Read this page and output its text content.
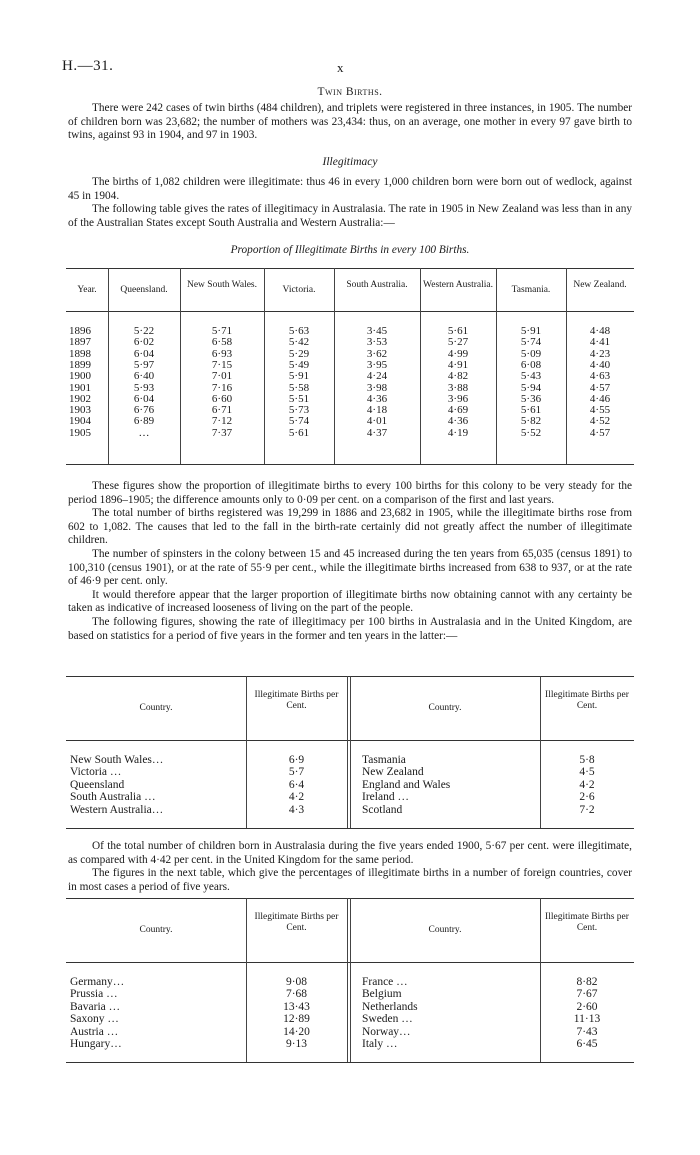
H.—31.	x
Twin Births.

There were 242 cases of twin births (484 children), and triplets were registered in three instances, in 1905. The number of children born was 23,682; the number of mothers was 23,434: thus, on an average, one mother in every 97 gave birth to twins, against 93 in 1904, and 97 in 1903.

Illegitimacy

The births of 1,082 children were illegitimate: thus 46 in every 1,000 children born were born out of wedlock, against 45 in 1904.

The following table gives the rates of illegitimacy in Australasia. The rate in 1905 in New Zealand was less than in any of the Australian States except South Australia and Western Australia:—

Proportion of Illegitimate Births in every 100 Births.
Year.	Queensland.	New South Wales.	Victoria.	South Australia.	Western Australia.	Tasmania.	New Zealand.
1896	5·22	5·71	5·63	3·45	5·61	5·91	4·48
1897	6·02	6·58	5·42	3·53	5·27	5·74	4·41
1898	6·04	6·93	5·29	3·62	4·99	5·09	4·23
1899	5·97	7·15	5·49	3·95	4·91	6·08	4·40
1900	6·40	7·01	5·91	4·24	4·82	5·43	4·63
1901	5·93	7·16	5·58	3·98	3·88	5·94	4·57
1902	6·04	6·60	5·51	4·36	3·96	5·36	4·46
1903	6·76	6·71	5·73	4·18	4·69	5·61	4·55
1904	6·89	7·12	5·74	4·01	4·36	5·82	4·52
1905	…	7·37	5·61	4·37	4·19	5·52	4·57

These figures show the proportion of illegitimate births to every 100 births for this colony to be very steady for the period 1896–1905; the difference amounts only to 0·09 per cent. on a comparison of the first and last years.

The total number of births registered was 19,299 in 1886 and 23,682 in 1905, while the illegitimate births rose from 602 to 1,082. The causes that led to the fall in the birth-rate certainly did not greatly affect the number of illegitimate children.

The number of spinsters in the colony between 15 and 45 increased during the ten years from 65,035 (census 1891) to 100,310 (census 1901), or at the rate of 55·9 per cent., while the illegitimate births increased from 638 to 937, or at the rate of 46·9 per cent. only.

It would therefore appear that the larger proportion of illegitimate births now obtaining cannot with any certainty be taken as indicative of increased looseness of living on the part of the people.

The following figures, showing the rate of illegitimacy per 100 births in Australasia and in the United Kingdom, are based on statistics for a period of five years in the former and ten years in the latter:—

Country.
Illegitimate Births per Cent.	Country.
Illegitimate Births per Cent.
New South Wales…	6·9
Victoria …	5·7
Queensland	6·4
South Australia …	4·2
Western Australia…	4·3
Tasmania	5·8
New Zealand	4·5
England and Wales	4·2
Ireland …	2·6
Scotland	7·2

Of the total number of children born in Australasia during the five years ended 1900, 5·67 per cent. were illegitimate, as compared with 4·42 per cent. in the United Kingdom for the same period.

The figures in the next table, which give the percentages of illegitimate births in a number of foreign countries, cover in most cases a period of five years.

Country.
Illegitimate Births per Cent.	Country.
Illegitimate Births per Cent.
Germany…	9·08
Prussia …	7·68
Bavaria …	13·43
Saxony …	12·89
Austria …	14·20
Hungary…	9·13
France …	8·82
Belgium	7·67
Netherlands	2·60
Sweden …	11·13
Norway…	7·43
Italy …	6·45
